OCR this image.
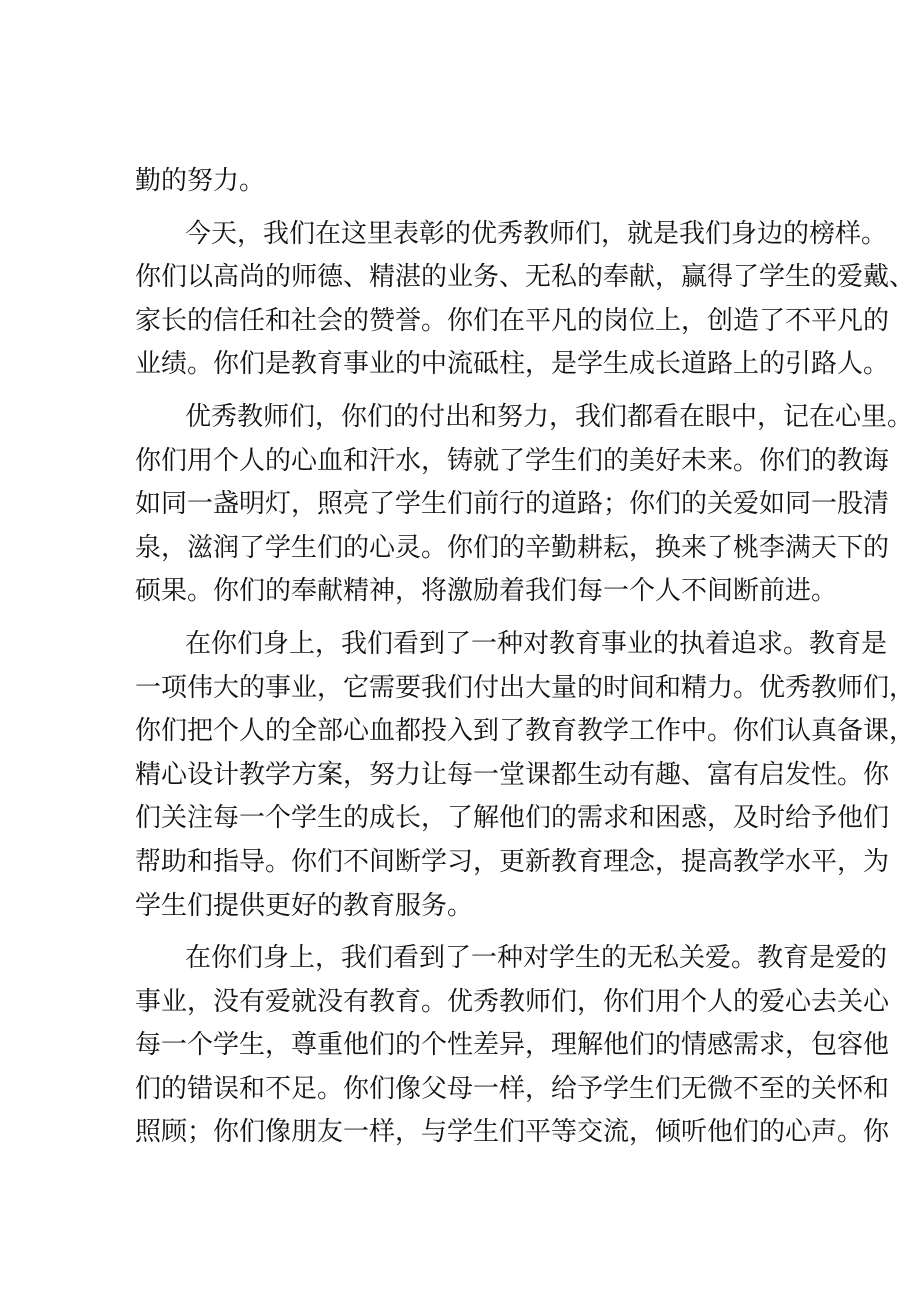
勤的努力。
今天，我们在这里表彰的优秀教师们，就是我们身边的榜样。
你们以高尚的师德、精湛的业务、无私的奉献，赢得了学生的爱戴、
家长的信任和社会的赞誉。你们在平凡的岗位上，创造了不平凡的
业绩。你们是教育事业的中流砥柱，是学生成长道路上的引路人。
优秀教师们，你们的付出和努力，我们都看在眼中，记在心里。
你们用个人的心血和汗水，铸就了学生们的美好未来。你们的教诲
如同一盏明灯，照亮了学生们前行的道路；你们的关爱如同一股清
泉，滋润了学生们的心灵。你们的辛勤耕耘，换来了桃李满天下的
硕果。你们的奉献精神，将激励着我们每一个人不间断前进。
在你们身上，我们看到了一种对教育事业的执着追求。教育是
一项伟大的事业，它需要我们付出大量的时间和精力。优秀教师们，
你们把个人的全部心血都投入到了教育教学工作中。你们认真备课，
精心设计教学方案，努力让每一堂课都生动有趣、富有启发性。你
们关注每一个学生的成长，了解他们的需求和困惑，及时给予他们
帮助和指导。你们不间断学习，更新教育理念，提高教学水平，为
学生们提供更好的教育服务。
在你们身上，我们看到了一种对学生的无私关爱。教育是爱的
事业，没有爱就没有教育。优秀教师们，你们用个人的爱心去关心
每一个学生，尊重他们的个性差异，理解他们的情感需求，包容他
们的错误和不足。你们像父母一样，给予学生们无微不至的关怀和
照顾；你们像朋友一样，与学生们平等交流，倾听他们的心声。你
